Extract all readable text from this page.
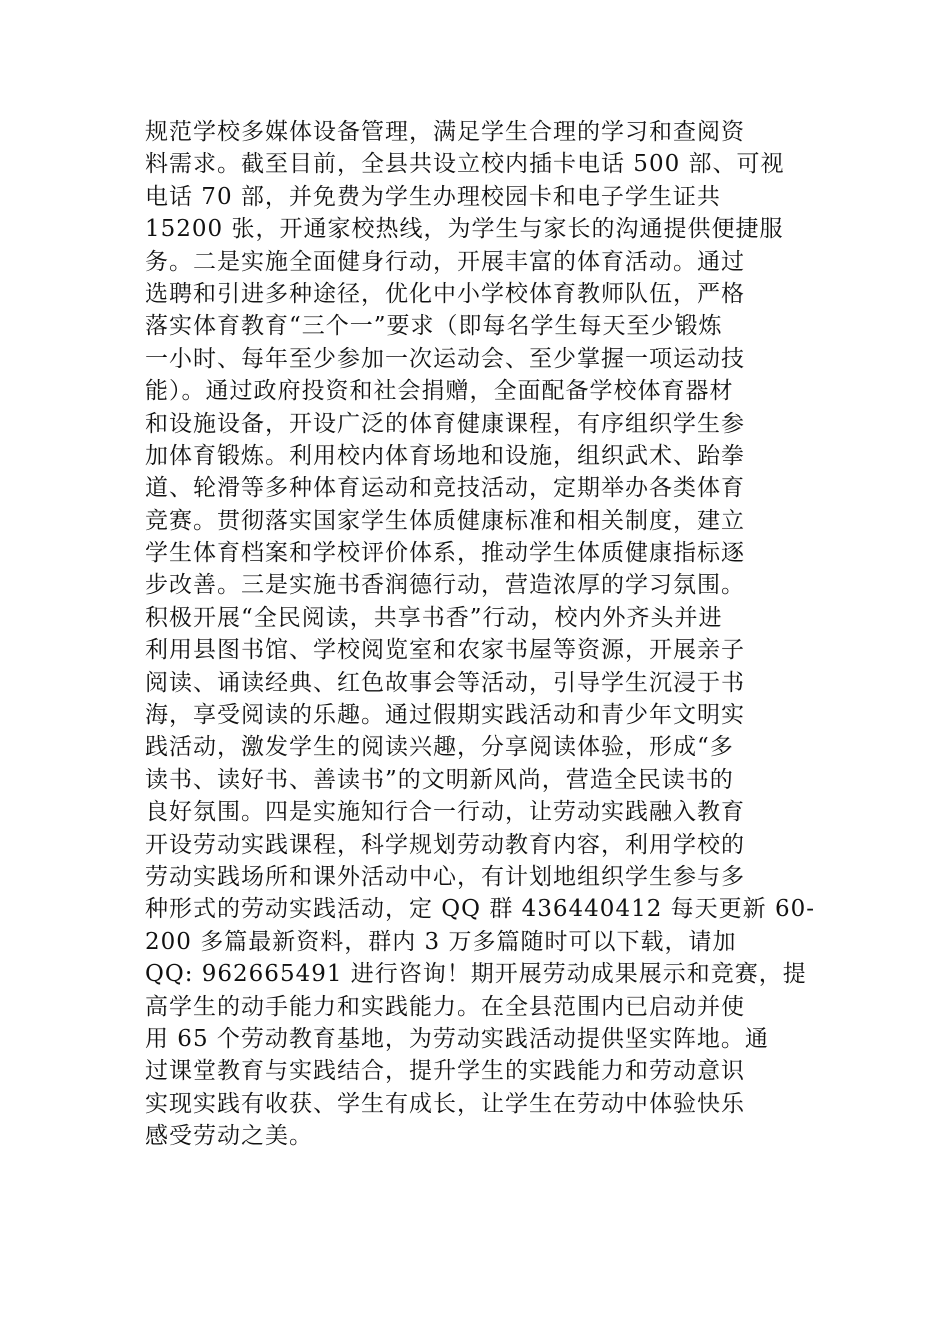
规范学校多媒体设备管理，满足学生合理的学习和查阅资
料需求。截至目前，全县共设立校内插卡电话 500 部、可视
电话 70 部，并免费为学生办理校园卡和电子学生证共
15200 张，开通家校热线，为学生与家长的沟通提供便捷服
务。二是实施全面健身行动，开展丰富的体育活动。通过
选聘和引进多种途径，优化中小学校体育教师队伍，严格
落实体育教育“三个一”要求（即每名学生每天至少锻炼
一小时、每年至少参加一次运动会、至少掌握一项运动技
能）。通过政府投资和社会捐赠，全面配备学校体育器材
和设施设备，开设广泛的体育健康课程，有序组织学生参
加体育锻炼。利用校内体育场地和设施，组织武术、跆拳
道、轮滑等多种体育运动和竞技活动，定期举办各类体育
竞赛。贯彻落实国家学生体质健康标准和相关制度，建立
学生体育档案和学校评价体系，推动学生体质健康指标逐
步改善。三是实施书香润德行动，营造浓厚的学习氛围。
积极开展“全民阅读，共享书香”行动，校内外齐头并进
利用县图书馆、学校阅览室和农家书屋等资源，开展亲子
阅读、诵读经典、红色故事会等活动，引导学生沉浸于书
海，享受阅读的乐趣。通过假期实践活动和青少年文明实
践活动，激发学生的阅读兴趣，分享阅读体验，形成“多
读书、读好书、善读书”的文明新风尚，营造全民读书的
良好氛围。四是实施知行合一行动，让劳动实践融入教育
开设劳动实践课程，科学规划劳动教育内容，利用学校的
劳动实践场所和课外活动中心，有计划地组织学生参与多
种形式的劳动实践活动，定 QQ 群 436440412 每天更新 60-
200 多篇最新资料，群内 3 万多篇随时可以下载，请加
QQ: 962665491 进行咨询！期开展劳动成果展示和竞赛，提
高学生的动手能力和实践能力。在全县范围内已启动并使
用 65 个劳动教育基地，为劳动实践活动提供坚实阵地。通
过课堂教育与实践结合，提升学生的实践能力和劳动意识
实现实践有收获、学生有成长，让学生在劳动中体验快乐
感受劳动之美。
